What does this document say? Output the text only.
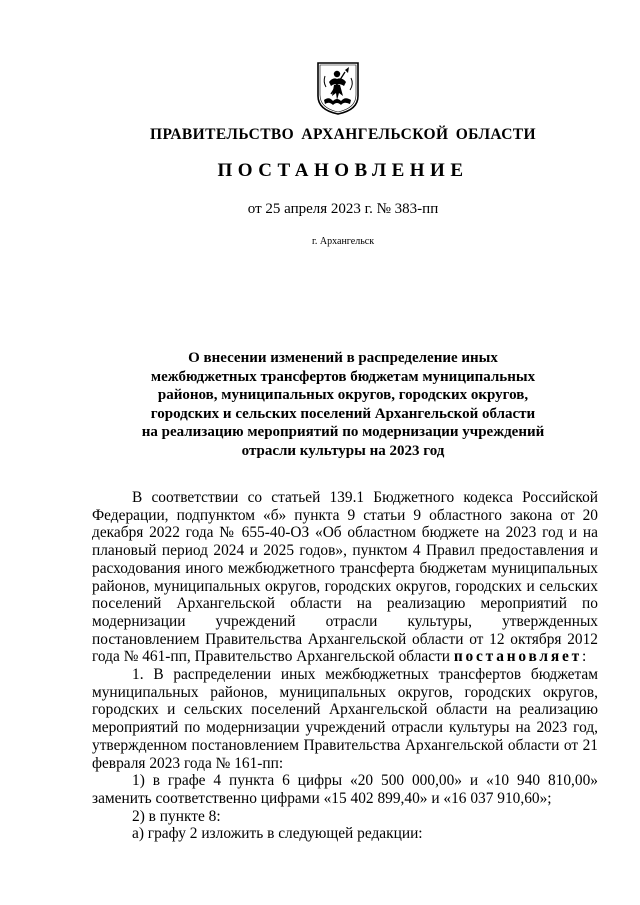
ПРАВИТЕЛЬСТВО АРХАНГЕЛЬСКОЙ ОБЛАСТИ
ПОСТАНОВЛЕНИЕ
от 25 апреля 2023 г. № 383-пп
г. Архангельск
О внесении изменений в распределение иных
межбюджетных трансфертов бюджетам муниципальных
районов, муниципальных округов, городских округов,
городских и сельских поселений Архангельской области
на реализацию мероприятий по модернизации учреждений
отрасли культуры на 2023 год

В соответствии со статьей 139.1 Бюджетного кодекса Российской Федерации, подпунктом «б» пункта 9 статьи 9 областного закона от 20 декабря 2022 года № 655-40-ОЗ «Об областном бюджете на 2023 год и на плановый период 2024 и 2025 годов», пунктом 4 Правил предоставления и расходования иного межбюджетного трансферта бюджетам муниципальных районов, муниципальных округов, городских округов, городских и сельских поселений Архангельской области на реализацию мероприятий по модернизации учреждений отрасли культуры, утвержденных постановлением Правительства Архангельской области от 12 октября 2012 года № 461-пп, Правительство Архангельской области постановляет:

1. В распределении иных межбюджетных трансфертов бюджетам муниципальных районов, муниципальных округов, городских округов, городских и сельских поселений Архангельской области на реализацию мероприятий по модернизации учреждений отрасли культуры на 2023 год, утвержденном постановлением Правительства Архангельской области от 21 февраля 2023 года № 161-пп:

1) в графе 4 пункта 6 цифры «20 500 000,00» и «10 940 810,00» заменить соответственно цифрами «15 402 899,40» и «16 037 910,60»;

2) в пункте 8:

а) графу 2 изложить в следующей редакции:
